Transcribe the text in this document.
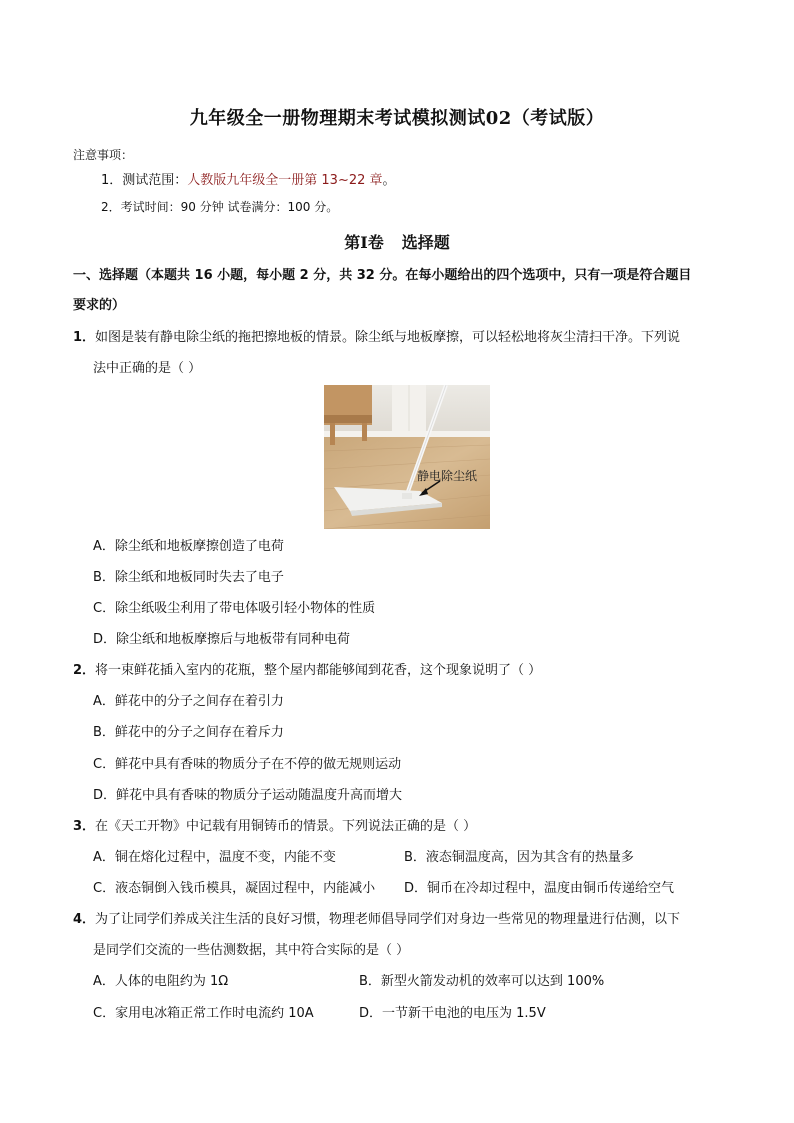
九年级全一册物理期末考试模拟测试02（考试版）
注意事项：
1．测试范围：人教版九年级全一册第 13~22 章。
2．考试时间：90 分钟 试卷满分：100 分。
第Ⅰ卷 选择题
一、选择题（本题共 16 小题，每小题 2 分，共 32 分。在每小题给出的四个选项中，只有一项是符合题目
要求的）
1．如图是装有静电除尘纸的拖把擦地板的情景。除尘纸与地板摩擦，可以轻松地将灰尘清扫干净。下列说
法中正确的是（ ）
静电除尘纸
A．除尘纸和地板摩擦创造了电荷
B．除尘纸和地板同时失去了电子
C．除尘纸吸尘利用了带电体吸引轻小物体的性质
D．除尘纸和地板摩擦后与地板带有同种电荷
2．将一束鲜花插入室内的花瓶，整个屋内都能够闻到花香，这个现象说明了（ ）
A．鲜花中的分子之间存在着引力
B．鲜花中的分子之间存在着斥力
C．鲜花中具有香味的物质分子在不停的做无规则运动
D．鲜花中具有香味的物质分子运动随温度升高而增大
3．在《天工开物》中记载有用铜铸币的情景。下列说法正确的是（ ）
A．铜在熔化过程中，温度不变，内能不变	B．液态铜温度高，因为其含有的热量多
C．液态铜倒入钱币模具，凝固过程中，内能减小 D．铜币在冷却过程中，温度由铜币传递给空气
4．为了让同学们养成关注生活的良好习惯，物理老师倡导同学们对身边一些常见的物理量进行估测，以下
是同学们交流的一些估测数据，其中符合实际的是（ ）
A．人体的电阻约为 1Ω	B．新型火箭发动机的效率可以达到 100%
C．家用电冰箱正常工作时电流约 10A	D．一节新干电池的电压为 1.5V
